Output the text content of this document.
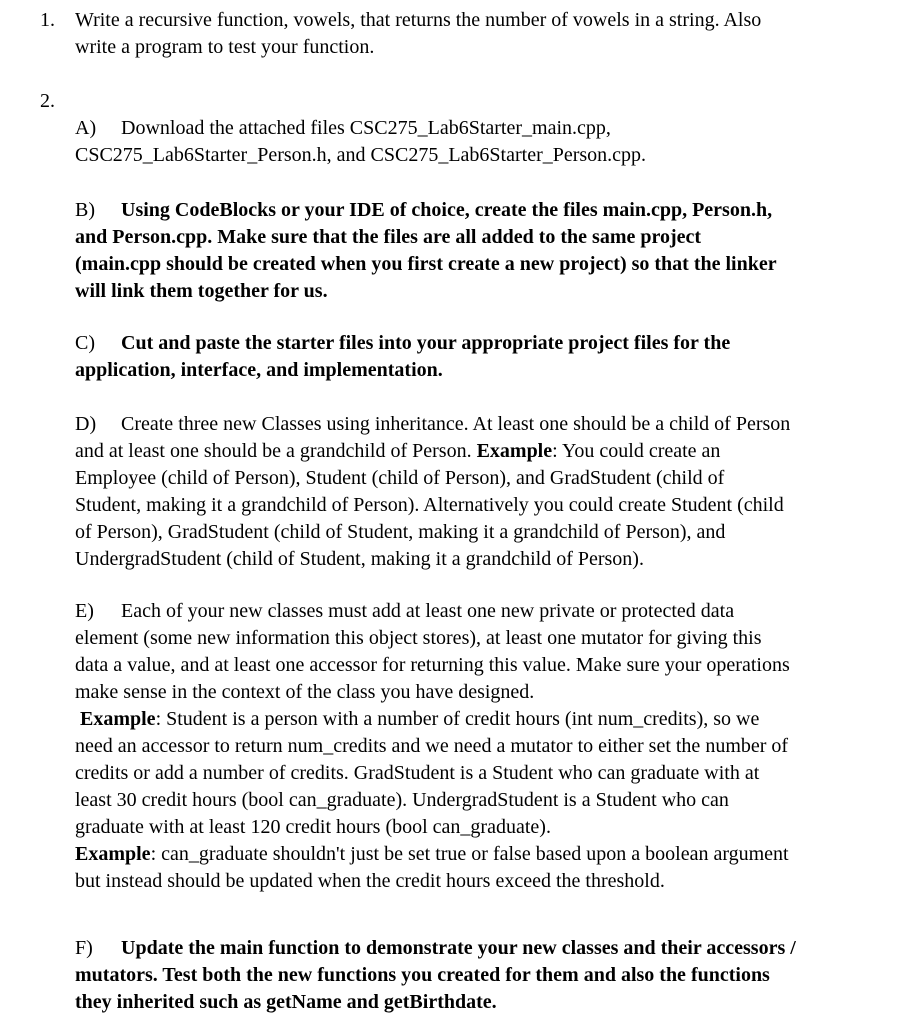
1.	Write a recursive function, vowels, that returns the number of vowels in a string. Also
write a program to test your function.
2.
A) Download the attached files CSC275_Lab6Starter_main.cpp,
CSC275_Lab6Starter_Person.h, and CSC275_Lab6Starter_Person.cpp.
B) Using CodeBlocks or your IDE of choice, create the files main.cpp, Person.h,
and Person.cpp. Make sure that the files are all added to the same project
(main.cpp should be created when you first create a new project) so that the linker
will link them together for us.
C) Cut and paste the starter files into your appropriate project files for the
application, interface, and implementation.
D) Create three new Classes using inheritance. At least one should be a child of Person
and at least one should be a grandchild of Person. Example: You could create an
Employee (child of Person), Student (child of Person), and GradStudent (child of
Student, making it a grandchild of Person). Alternatively you could create Student (child
of Person), GradStudent (child of Student, making it a grandchild of Person), and
UndergradStudent (child of Student, making it a grandchild of Person).
E) Each of your new classes must add at least one new private or protected data
element (some new information this object stores), at least one mutator for giving this
data a value, and at least one accessor for returning this value. Make sure your operations
make sense in the context of the class you have designed.
Example: Student is a person with a number of credit hours (int num_credits), so we
need an accessor to return num_credits and we need a mutator to either set the number of
credits or add a number of credits. GradStudent is a Student who can graduate with at
least 30 credit hours (bool can_graduate). UndergradStudent is a Student who can
graduate with at least 120 credit hours (bool can_graduate).
Example: can_graduate shouldn't just be set true or false based upon a boolean argument
but instead should be updated when the credit hours exceed the threshold.
F) Update the main function to demonstrate your new classes and their accessors /
mutators. Test both the new functions you created for them and also the functions
they inherited such as getName and getBirthdate.
